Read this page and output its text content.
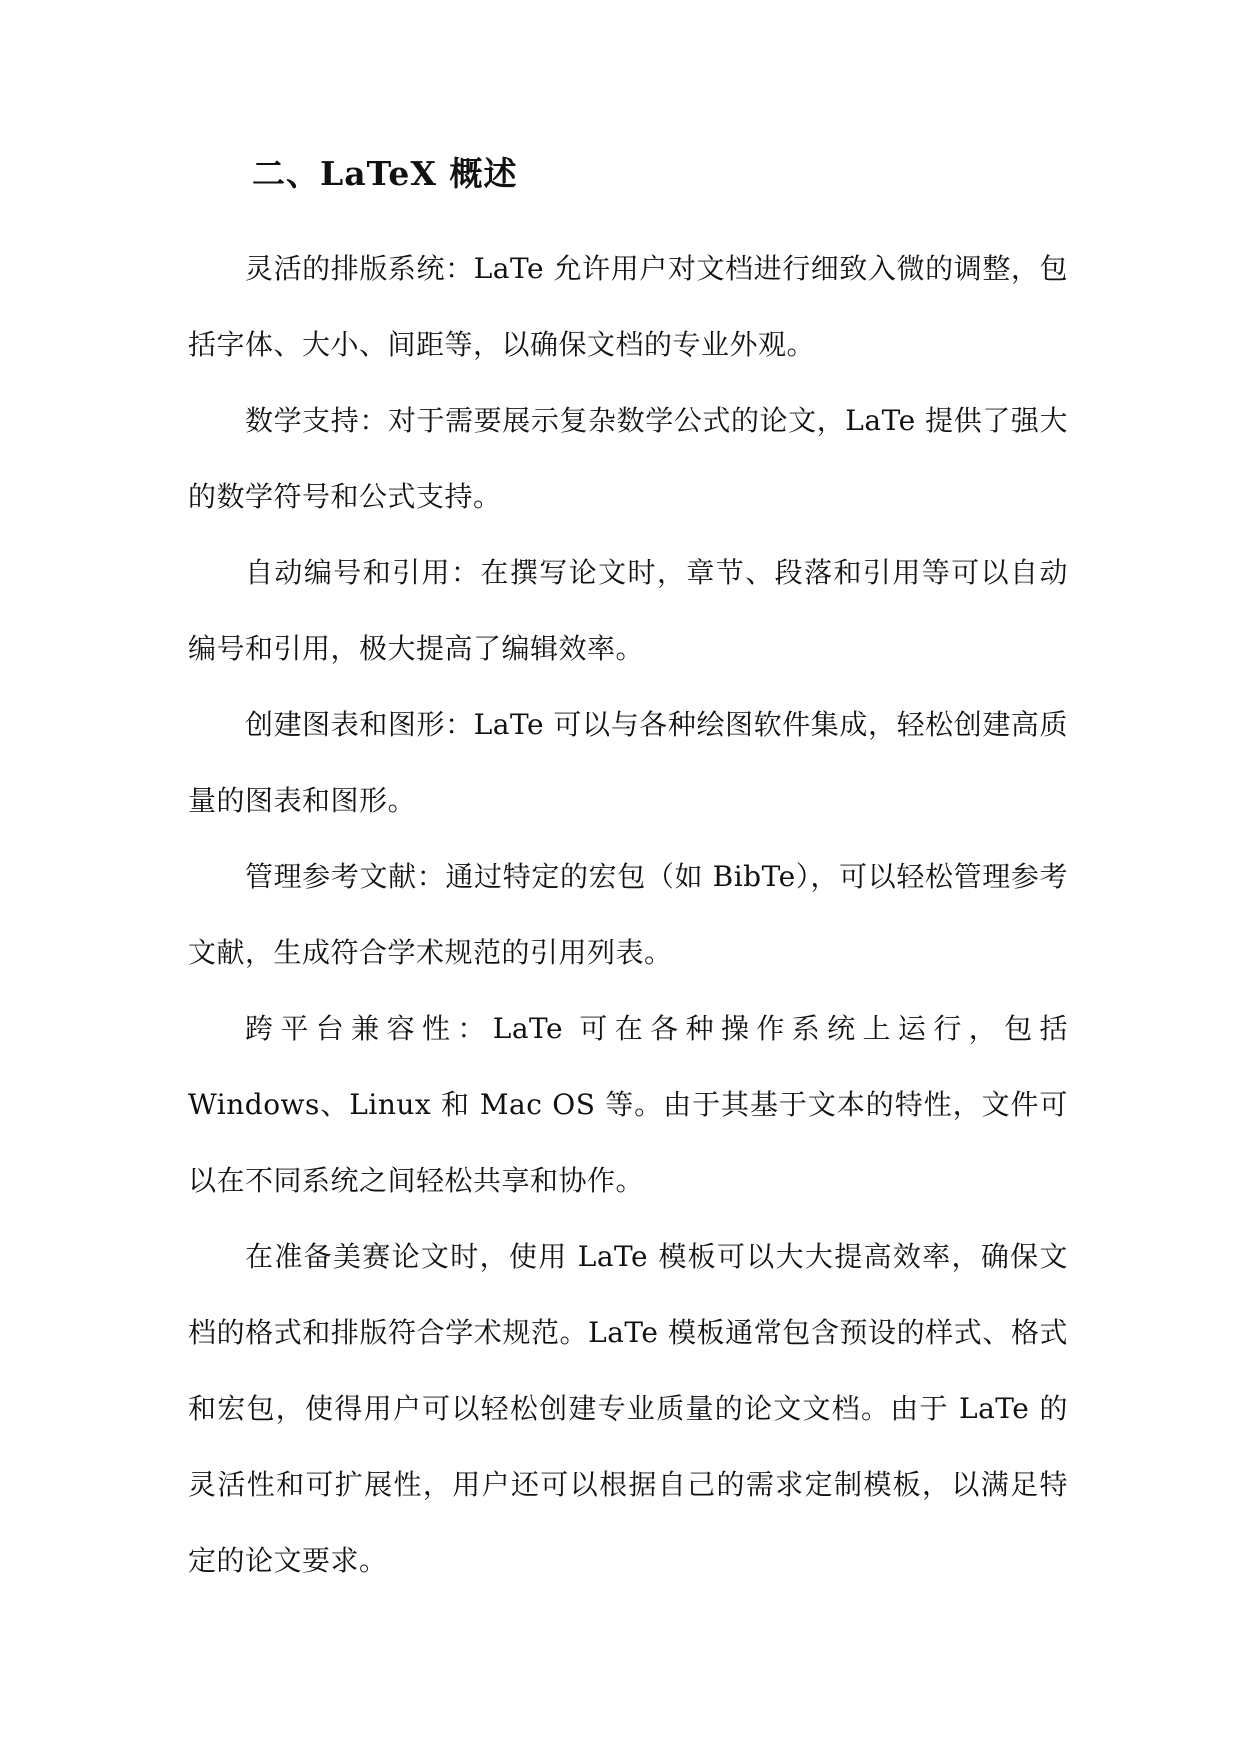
二、LaTeX 概述

灵活的排版系统：LaTe 允许用户对文档进行细致入微的调整，包括字体、大小、间距等，以确保文档的专业外观。

数学支持：对于需要展示复杂数学公式的论文，LaTe 提供了强大的数学符号和公式支持。

自动编号和引用：在撰写论文时，章节、段落和引用等可以自动编号和引用，极大提高了编辑效率。

创建图表和图形：LaTe 可以与各种绘图软件集成，轻松创建高质量的图表和图形。

管理参考文献：通过特定的宏包（如 BibTe），可以轻松管理参考文献，生成符合学术规范的引用列表。

跨平台兼容性：LaTe 可在各种操作系统上运行，包括 Windows、Linux 和 Mac OS 等。由于其基于文本的特性，文件可以在不同系统之间轻松共享和协作。

在准备美赛论文时，使用 LaTe 模板可以大大提高效率，确保文档的格式和排版符合学术规范。LaTe 模板通常包含预设的样式、格式和宏包，使得用户可以轻松创建专业质量的论文文档。由于 LaTe 的灵活性和可扩展性，用户还可以根据自己的需求定制模板，以满足特定的论文要求。
